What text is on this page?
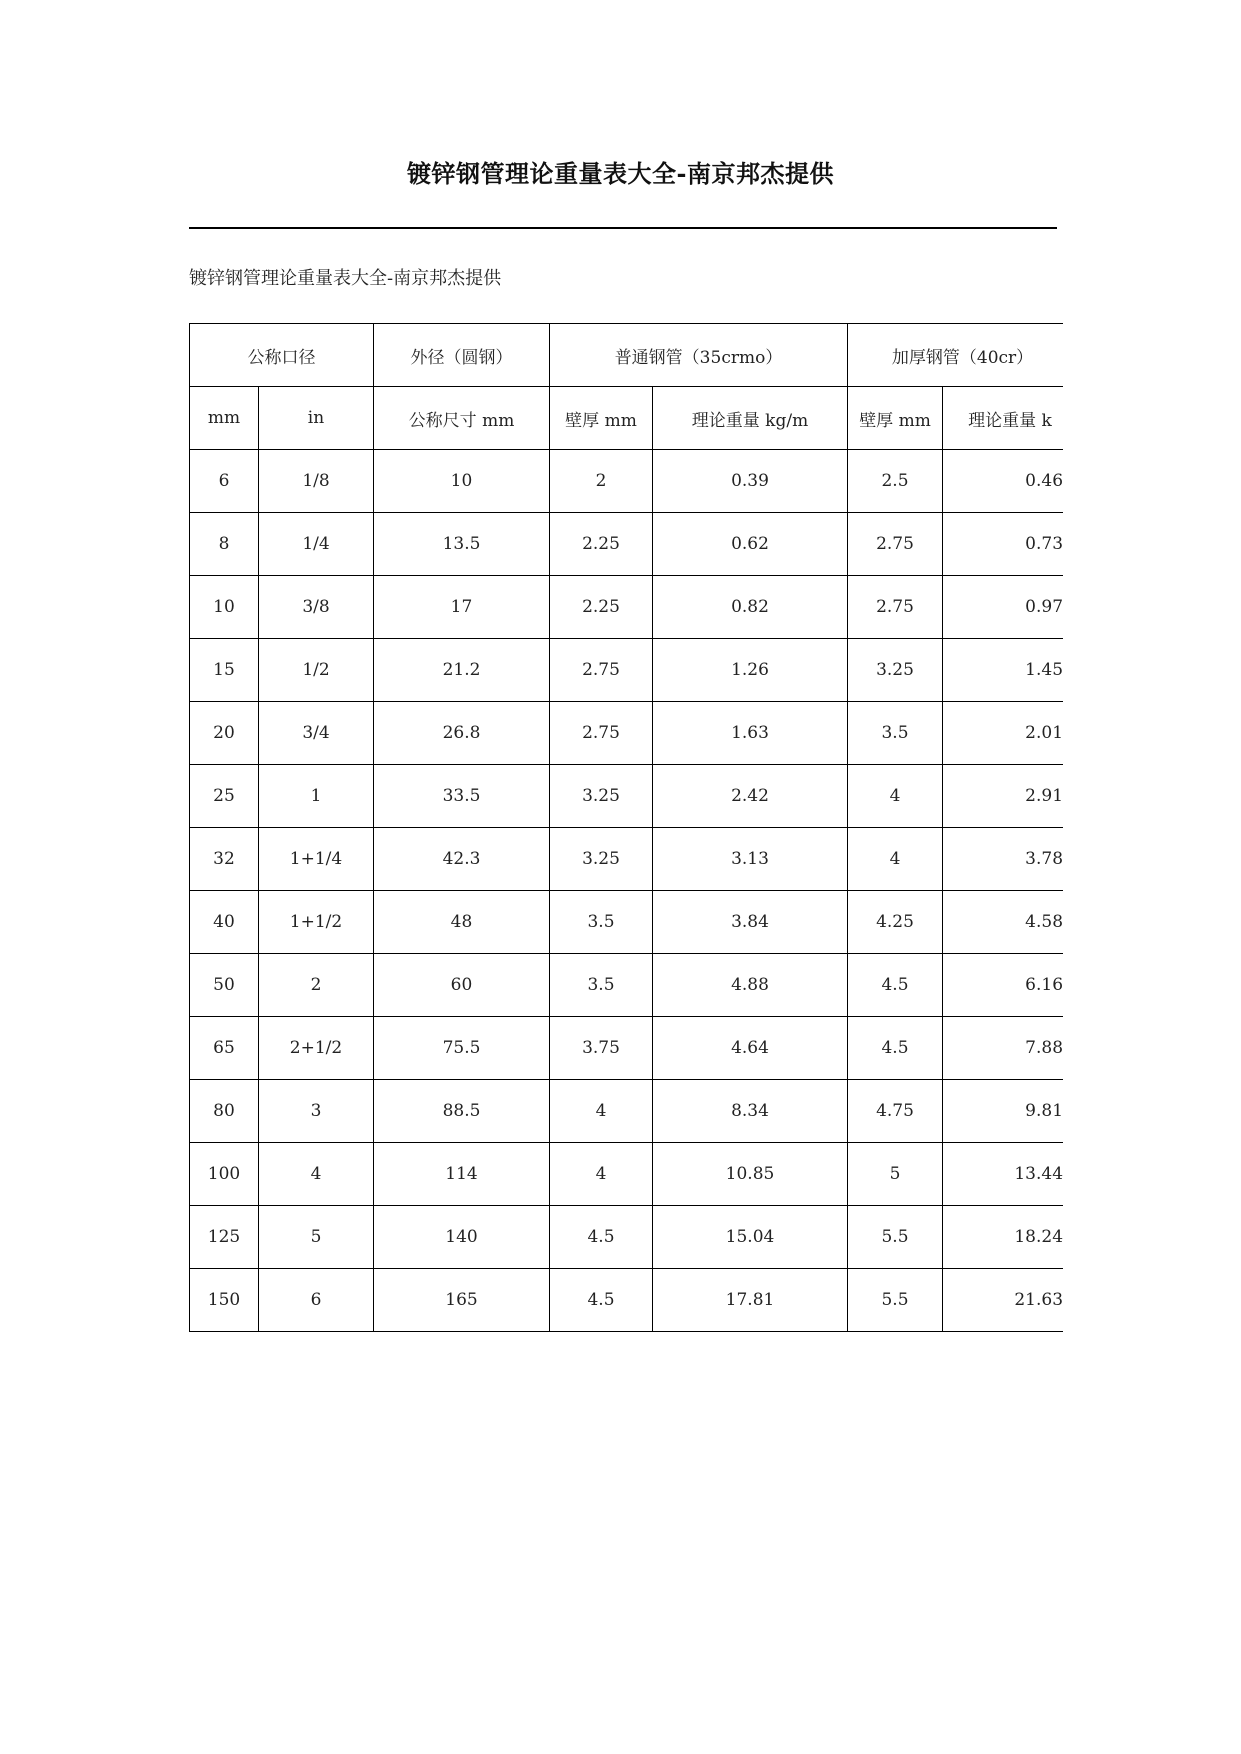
镀锌钢管理论重量表大全-南京邦杰提供
镀锌钢管理论重量表大全-南京邦杰提供
公称口径		外径（圆钢）	普通钢管（35crmo）		加厚钢管（40cr）	
mm	in	公称尺寸 mm	壁厚 mm	理论重量 kg/m	壁厚 mm	理论重量 k
6	1/8	10	2	0.39	2.5	0.46
8	1/4	13.5	2.25	0.62	2.75	0.73
10	3/8	17	2.25	0.82	2.75	0.97
15	1/2	21.2	2.75	1.26	3.25	1.45
20	3/4	26.8	2.75	1.63	3.5	2.01
25	1	33.5	3.25	2.42	4	2.91
32	1+1/4	42.3	3.25	3.13	4	3.78
40	1+1/2	48	3.5	3.84	4.25	4.58
50	2	60	3.5	4.88	4.5	6.16
65	2+1/2	75.5	3.75	4.64	4.5	7.88
80	3	88.5	4	8.34	4.75	9.81
100	4	114	4	10.85	5	13.44
125	5	140	4.5	15.04	5.5	18.24
150	6	165	4.5	17.81	5.5	21.63
